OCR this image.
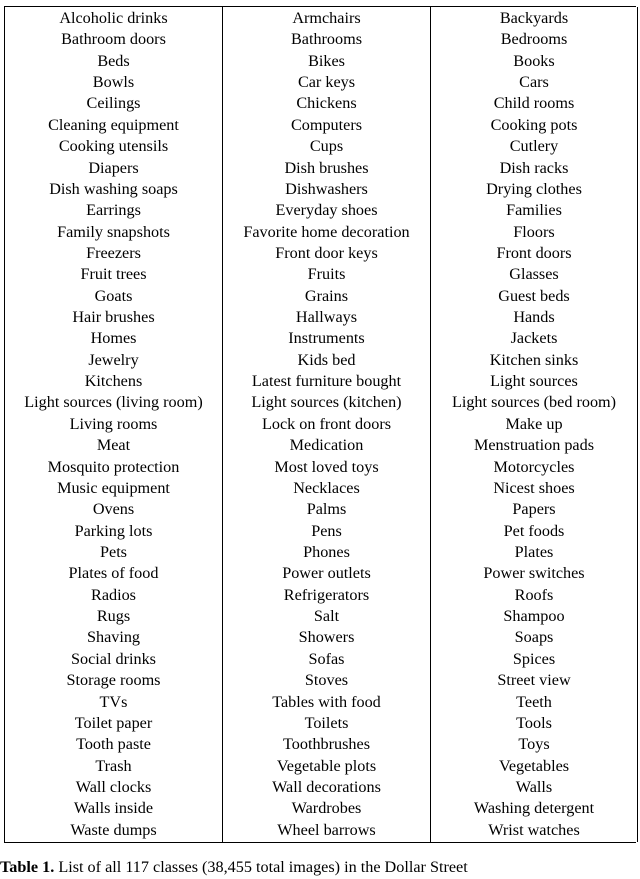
Alcoholic drinks	Armchairs	Backyards
Bathroom doors	Bathrooms	Bedrooms
Beds	Bikes	Books
Bowls	Car keys	Cars
Ceilings	Chickens	Child rooms
Cleaning equipment	Computers	Cooking pots
Cooking utensils	Cups	Cutlery
Diapers	Dish brushes	Dish racks
Dish washing soaps	Dishwashers	Drying clothes
Earrings	Everyday shoes	Families
Family snapshots	Favorite home decoration	Floors
Freezers	Front door keys	Front doors
Fruit trees	Fruits	Glasses
Goats	Grains	Guest beds
Hair brushes	Hallways	Hands
Homes	Instruments	Jackets
Jewelry	Kids bed	Kitchen sinks
Kitchens	Latest furniture bought	Light sources
Light sources (living room)	Light sources (kitchen)	Light sources (bed room)
Living rooms	Lock on front doors	Make up
Meat	Medication	Menstruation pads
Mosquito protection	Most loved toys	Motorcycles
Music equipment	Necklaces	Nicest shoes
Ovens	Palms	Papers
Parking lots	Pens	Pet foods
Pets	Phones	Plates
Plates of food	Power outlets	Power switches
Radios	Refrigerators	Roofs
Rugs	Salt	Shampoo
Shaving	Showers	Soaps
Social drinks	Sofas	Spices
Storage rooms	Stoves	Street view
TVs	Tables with food	Teeth
Toilet paper	Toilets	Tools
Tooth paste	Toothbrushes	Toys
Trash	Vegetable plots	Vegetables
Wall clocks	Wall decorations	Walls
Walls inside	Wardrobes	Washing detergent
Waste dumps	Wheel barrows	Wrist watches
Table 1. List of all 117 classes (38,455 total images) in the Dollar Street
